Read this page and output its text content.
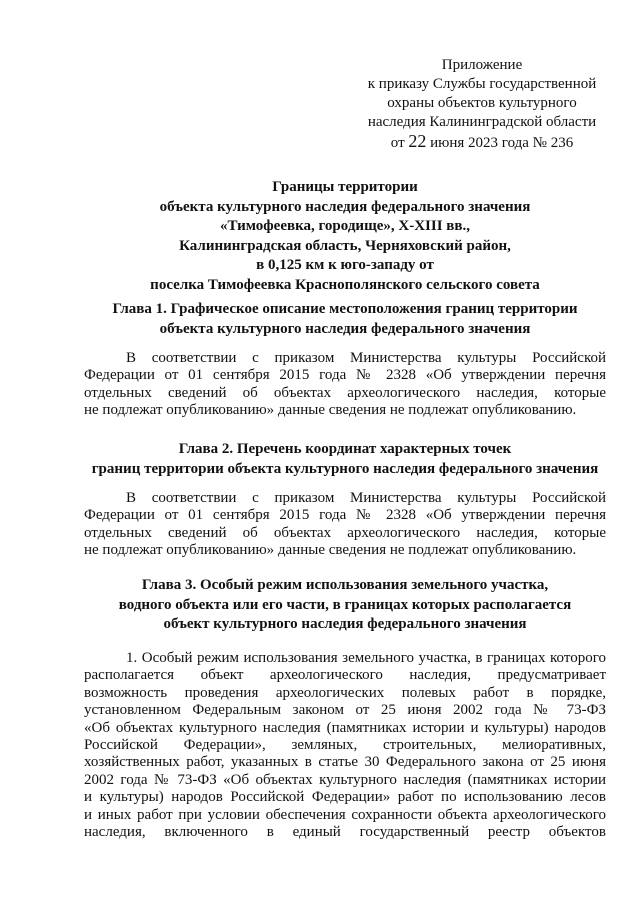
Приложение
к приказу Службы государственной
охраны объектов культурного
наследия Калининградской области
от 22 июня 2023 года № 236
Границы территории
объекта культурного наследия федерального значения
«Тимофеевка, городище», X-XIII вв.,
Калининградская область, Черняховский район,
в 0,125 км к юго-западу от
поселка Тимофеевка Краснополянского сельского совета
Глава 1. Графическое описание местоположения границ территории
объекта культурного наследия федерального значения
В соответствии с приказом Министерства культуры Российской
Федерации от 01 сентября 2015 года № 2328 «Об утверждении перечня
отдельных сведений об объектах археологического наследия, которые
не подлежат опубликованию» данные сведения не подлежат опубликованию.
Глава 2. Перечень координат характерных точек
границ территории объекта культурного наследия федерального значения
В соответствии с приказом Министерства культуры Российской
Федерации от 01 сентября 2015 года № 2328 «Об утверждении перечня
отдельных сведений об объектах археологического наследия, которые
не подлежат опубликованию» данные сведения не подлежат опубликованию.
Глава 3. Особый режим использования земельного участка,
водного объекта или его части, в границах которых располагается
объект культурного наследия федерального значения
1. Особый режим использования земельного участка, в границах которого
располагается объект археологического наследия, предусматривает
возможность проведения археологических полевых работ в порядке,
установленном Федеральным законом от 25 июня 2002 года № 73-ФЗ
«Об объектах культурного наследия (памятниках истории и культуры) народов
Российской Федерации», земляных, строительных, мелиоративных,
хозяйственных работ, указанных в статье 30 Федерального закона от 25 июня
2002 года № 73-ФЗ «Об объектах культурного наследия (памятниках истории
и культуры) народов Российской Федерации» работ по использованию лесов
и иных работ при условии обеспечения сохранности объекта археологического
наследия, включенного в единый государственный реестр объектов
